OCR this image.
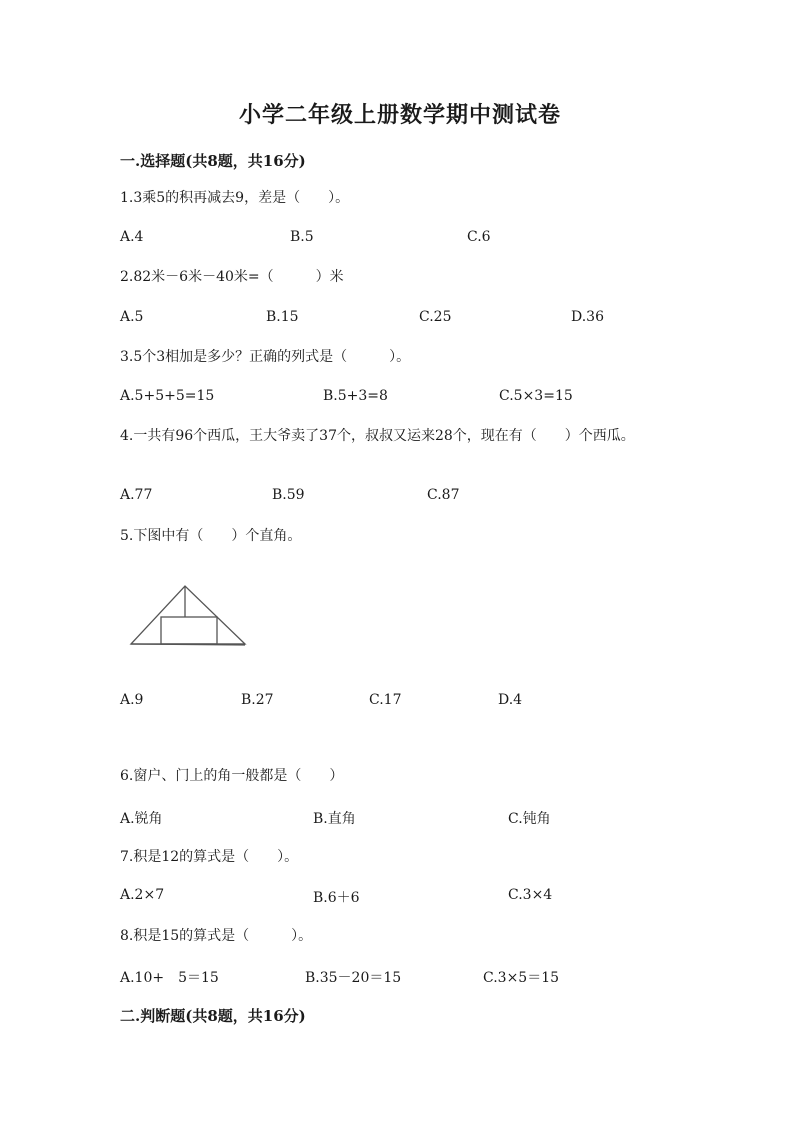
小学二年级上册数学期中测试卷
一.选择题(共8题，共16分)
1.3乘5的积再减去9，差是（　　）。
A.4	B.5	C.6
2.82米－6米－40米=（　　　）米
A.5	B.15	C.25	D.36
3.5个3相加是多少？正确的列式是（　　　）。
A.5+5+5=15	B.5+3=8	C.5×3=15
4.一共有96个西瓜，王大爷卖了37个，叔叔又运来28个，现在有（　　）个西瓜。
A.77	B.59	C.87
5.下图中有（　　）个直角。
A.9	B.27	C.17	D.4
6.窗户、门上的角一般都是（　　）
A.锐角	B.直角	C.钝角
7.积是12的算式是（　　）。
A.2×7	B.6＋6	C.3×4
8.积是15的算式是（　　　）。
A.10+　5＝15	B.35－20＝15	C.3×5＝15
二.判断题(共8题，共16分)
